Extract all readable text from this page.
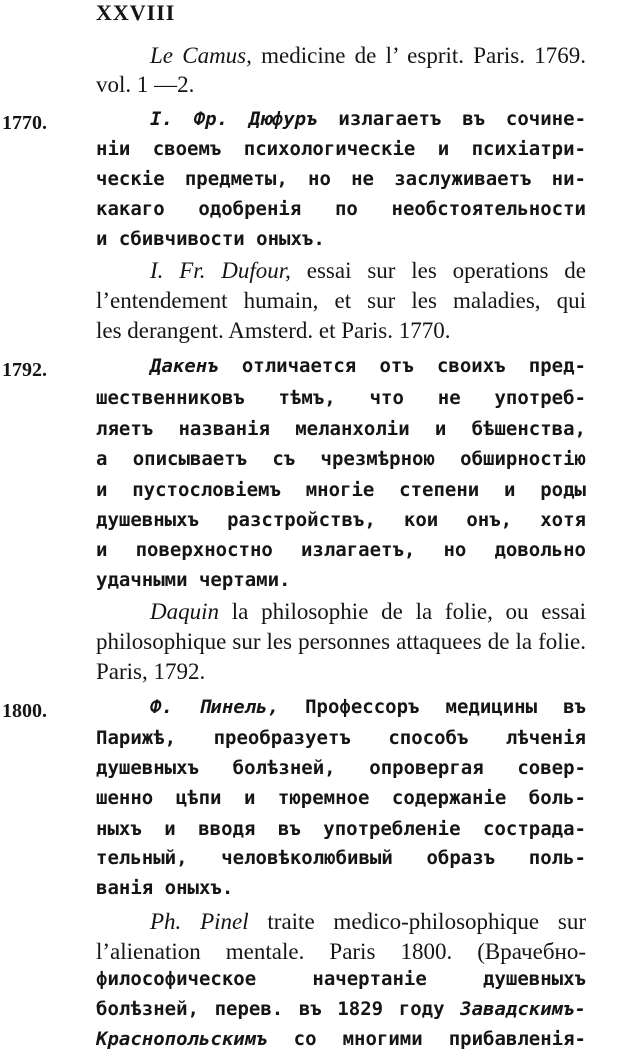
XXVIII
Le Camus, medicine de l’ esprit. Paris. 1769.
vol. 1 —2.
1770.	I. Фр. Дюфуръ излагаетъ въ сочине-
ніи своемъ психологическіе и психіатри-
ческіе предметы, но не заслуживаетъ ни-
какаго одобренія по необстоятельности
и сбивчивости оныхъ.
I. Fr. Dufour, essai sur les operations de
l’entendement humain, et sur les maladies, qui
les derangent. Amsterd. et Paris. 1770.
1792.	Дакенъ отличается отъ своихъ пред-
шественниковъ тѣмъ, что не употреб-
ляетъ названія меланхоліи и бѣшенства,
а описываетъ съ чрезмѣрною обширностію
и пустословіемъ многіе степени и роды
душевныхъ разстройствъ, кои онъ, хотя
и поверхностно излагаетъ, но довольно
удачными чертами.
Daquin la philosophie de la folie, ou essai
philosophique sur les personnes attaquees de la folie.
Paris, 1792.
1800.	Ф. Пинель, Профессоръ медицины въ
Парижѣ, преобразуетъ способъ лѣченія
душевныхъ болѣзней, опровергая совер-
шенно цѣпи и тюремное содержаніе боль-
ныхъ и вводя въ употребленіе сострада-
тельный, человѣколюбивый образъ поль-
ванія оныхъ.
Ph. Pinel traite medico-philosophique sur
l’alienation mentale. Paris 1800. (Врачебно-
философическое начертаніе душевныхъ
болѣзней, перев. въ 1829 году Завадскимъ-
Краснопольскимъ со многими прибавленія-
